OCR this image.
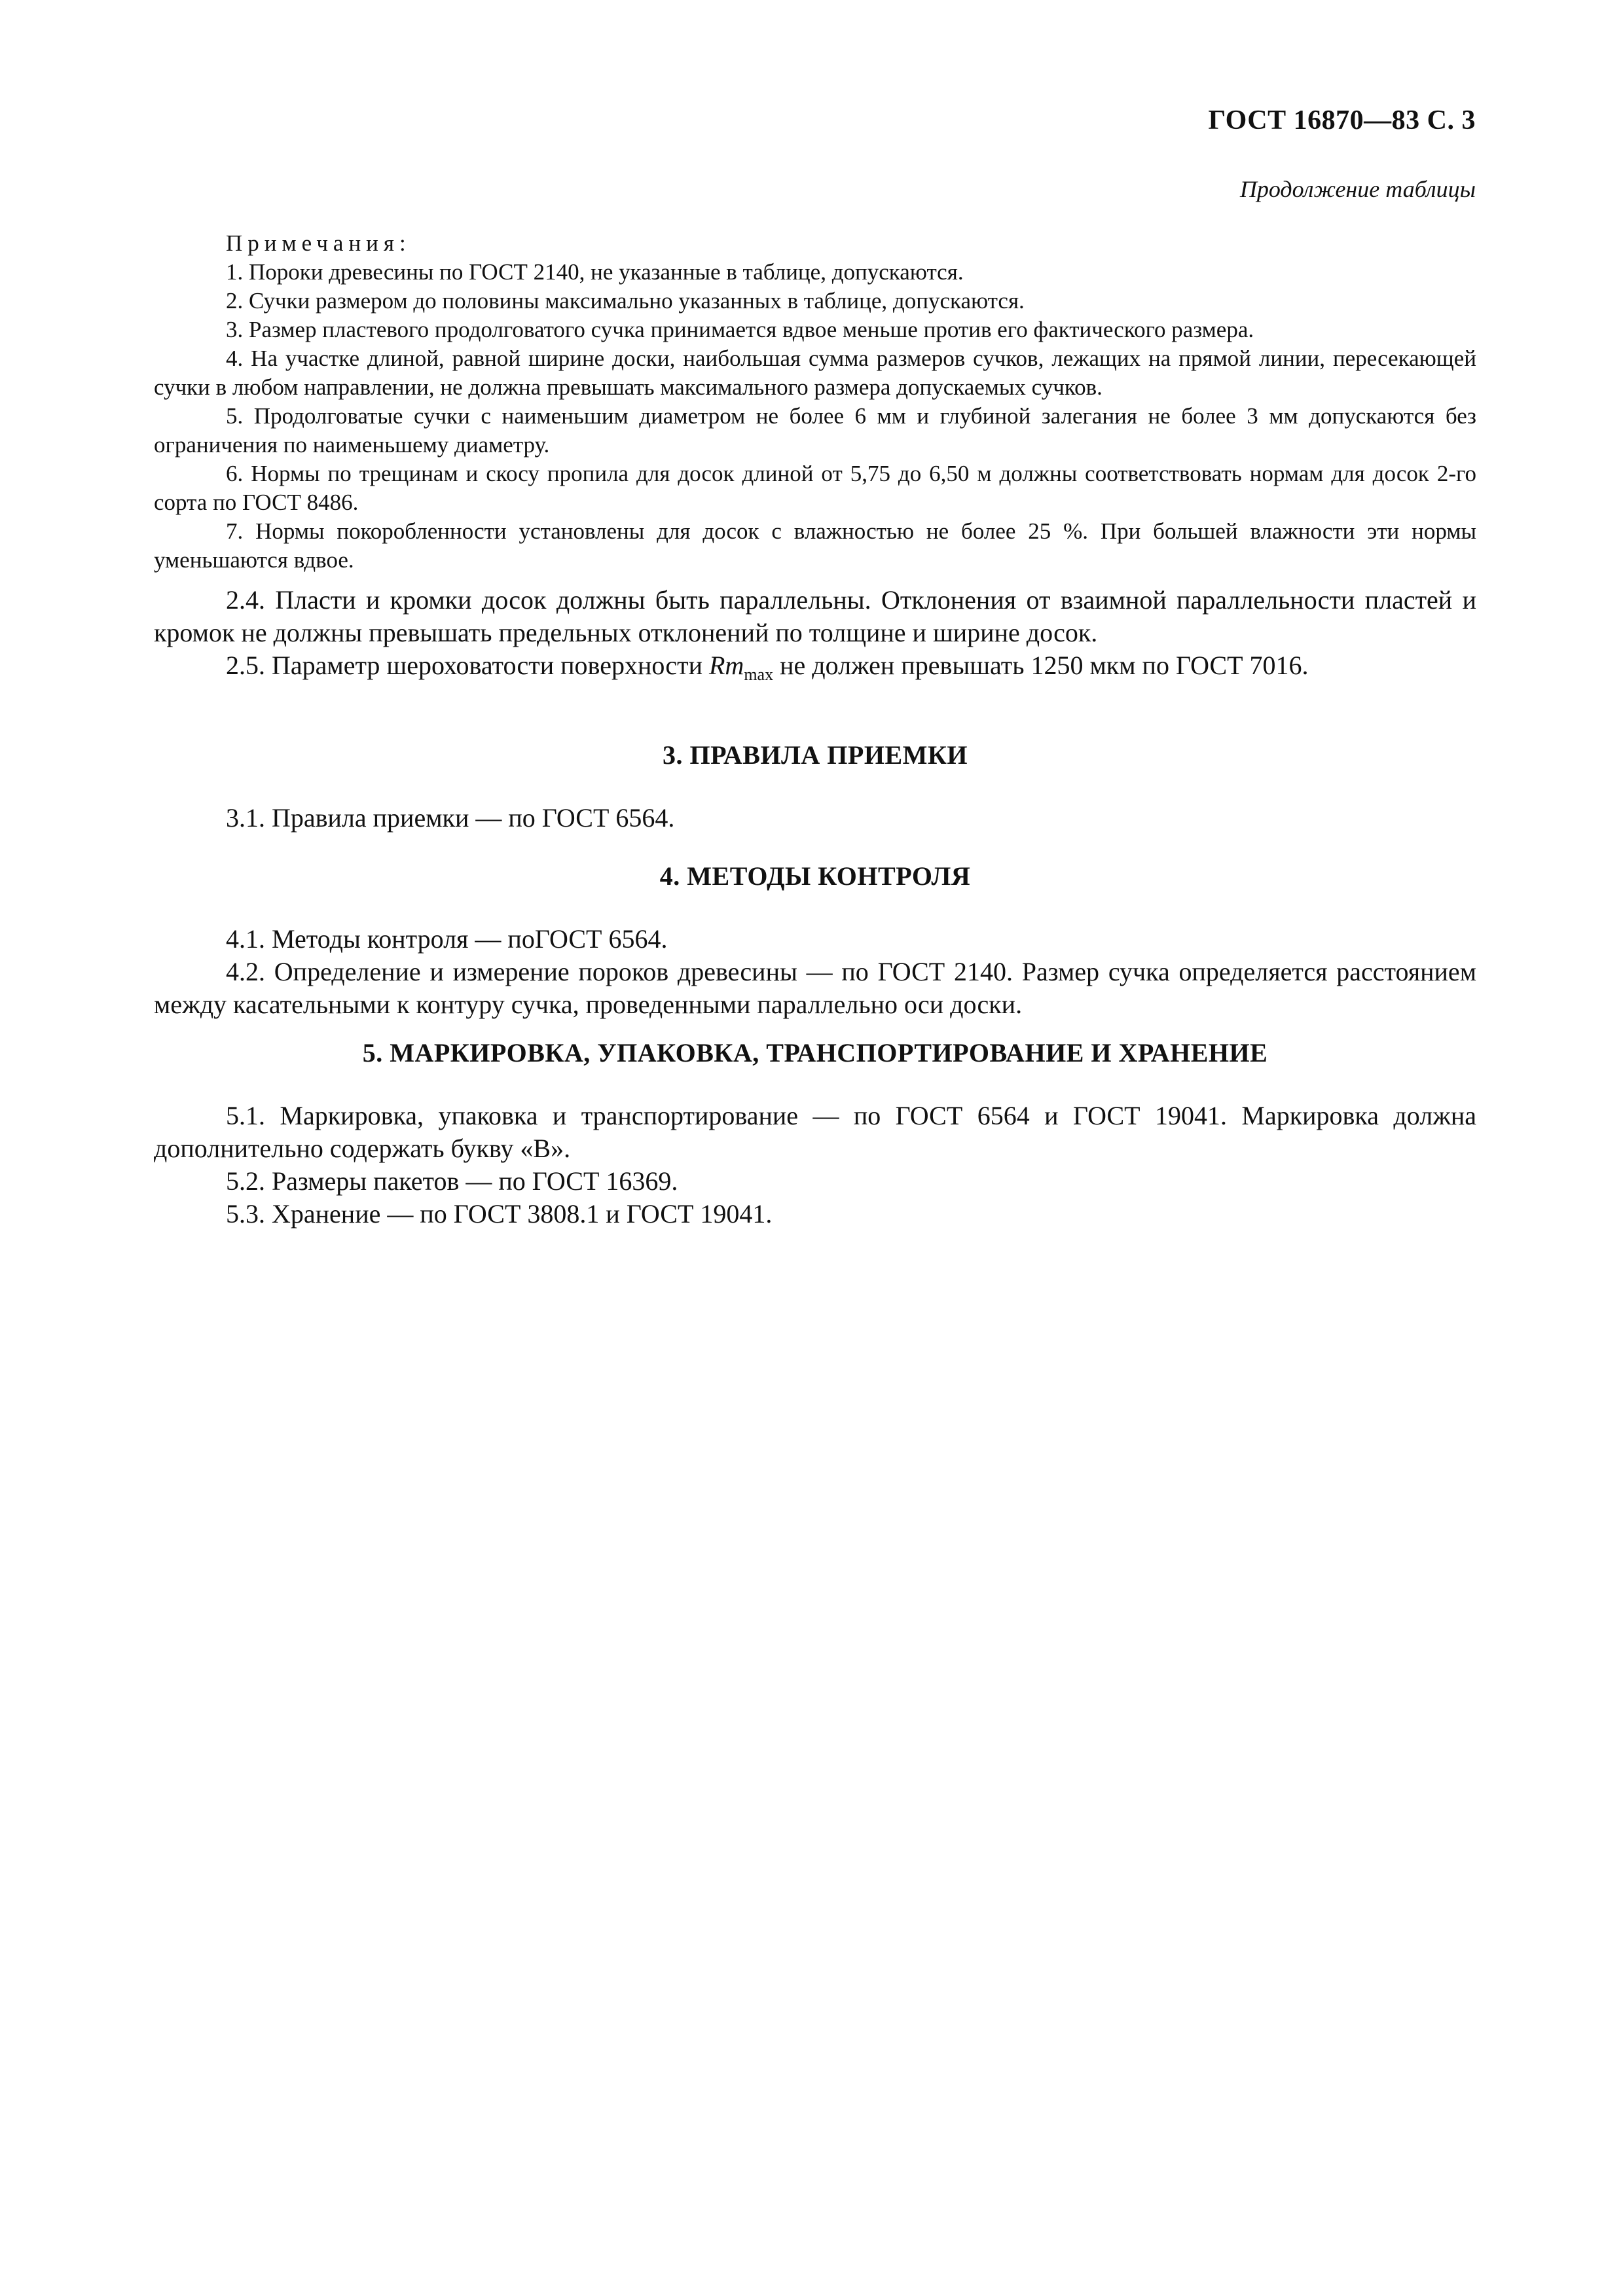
ГОСТ 16870—83 С. 3
Продолжение таблицы

Примечания:

1. Пороки древесины по ГОСТ 2140, не указанные в таблице, допускаются.

2. Сучки размером до половины максимально указанных в таблице, допускаются.

3. Размер пластевого продолговатого сучка принимается вдвое меньше против его фактического размера.

4. На участке длиной, равной ширине доски, наибольшая сумма размеров сучков, лежащих на прямой линии, пересекающей сучки в любом направлении, не должна превышать максимального размера допускаемых сучков.

5. Продолговатые сучки с наименьшим диаметром не более 6 мм и глубиной залегания не более 3 мм допускаются без ограничения по наименьшему диаметру.

6. Нормы по трещинам и скосу пропила для досок длиной от 5,75 до 6,50 м должны соответствовать нормам для досок 2-го сорта по ГОСТ 8486.

7. Нормы покоробленности установлены для досок с влажностью не более 25 %. При большей влажности эти нормы уменьшаются вдвое.

2.4. Пласти и кромки досок должны быть параллельны. Отклонения от взаимной параллельности пластей и кромок не должны превышать предельных отклонений по толщине и ширине досок.

2.5. Параметр шероховатости поверхности $Rm_{max}$ не должен превышать 1250 мкм по ГОСТ 7016.

3. ПРАВИЛА ПРИЕМКИ

3.1. Правила приемки — по ГОСТ 6564.

4. МЕТОДЫ КОНТРОЛЯ

4.1. Методы контроля — поГОСТ 6564.

4.2. Определение и измерение пороков древесины — по ГОСТ 2140. Размер сучка определяется расстоянием между касательными к контуру сучка, проведенными параллельно оси доски.

5. МАРКИРОВКА, УПАКОВКА, ТРАНСПОРТИРОВАНИЕ И ХРАНЕНИЕ

5.1. Маркировка, упаковка и транспортирование — по ГОСТ 6564 и ГОСТ 19041. Маркировка должна дополнительно содержать букву «В».

5.2. Размеры пакетов — по ГОСТ 16369.

5.3. Хранение — по ГОСТ 3808.1 и ГОСТ 19041.
